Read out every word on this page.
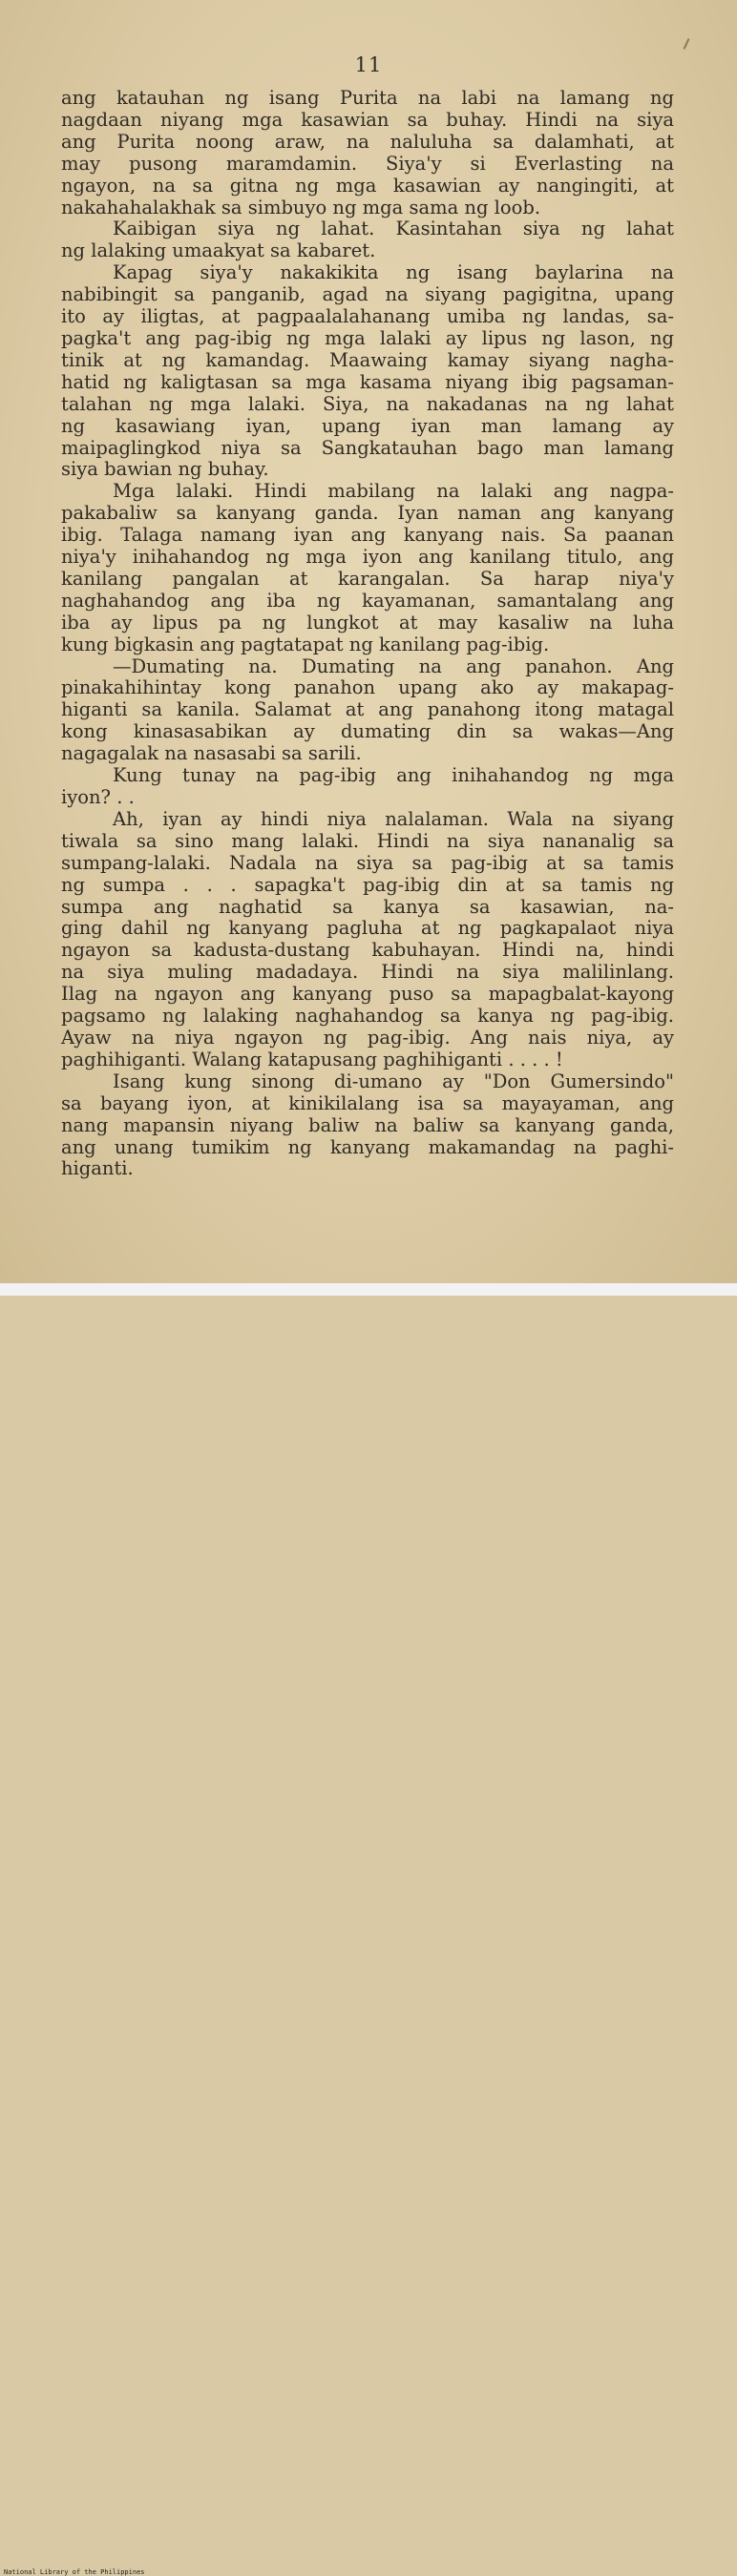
11
ang katauhan ng isang Purita na labi na lamang ng
nagdaan niyang mga kasawian sa buhay. Hindi na siya
ang Purita noong araw, na naluluha sa dalamhati, at
may pusong maramdamin. Siya'y si Everlasting na
ngayon, na sa gitna ng mga kasawian ay nangingiti, at
nakahahalakhak sa simbuyo ng mga sama ng loob.
Kaibigan siya ng lahat. Kasintahan siya ng lahat
ng lalaking umaakyat sa kabaret.
Kapag siya'y nakakikita ng isang baylarina na
nabibingit sa panganib, agad na siyang pagigitna, upang
ito ay iligtas, at pagpaalalahanang umiba ng landas, sa-
pagka't ang pag-ibig ng mga lalaki ay lipus ng lason, ng
tinik at ng kamandag. Maawaing kamay siyang nagha-
hatid ng kaligtasan sa mga kasama niyang ibig pagsaman-
talahan ng mga lalaki. Siya, na nakadanas na ng lahat
ng kasawiang iyan, upang iyan man lamang ay
maipaglingkod niya sa Sangkatauhan bago man lamang
siya bawian ng buhay.
Mga lalaki. Hindi mabilang na lalaki ang nagpa-
pakabaliw sa kanyang ganda. Iyan naman ang kanyang
ibig. Talaga namang iyan ang kanyang nais. Sa paanan
niya'y inihahandog ng mga iyon ang kanilang titulo, ang
kanilang pangalan at karangalan. Sa harap niya'y
naghahandog ang iba ng kayamanan, samantalang ang
iba ay lipus pa ng lungkot at may kasaliw na luha
kung bigkasin ang pagtatapat ng kanilang pag-ibig.
—Dumating na. Dumating na ang panahon. Ang
pinakahihintay kong panahon upang ako ay makapag-
higanti sa kanila. Salamat at ang panahong itong matagal
kong kinasasabikan ay dumating din sa wakas—Ang
nagagalak na nasasabi sa sarili.
Kung tunay na pag-ibig ang inihahandog ng mga
iyon? . .
Ah, iyan ay hindi niya nalalaman. Wala na siyang
tiwala sa sino mang lalaki. Hindi na siya nananalig sa
sumpang-lalaki. Nadala na siya sa pag-ibig at sa tamis
ng sumpa . . . sapagka't pag-ibig din at sa tamis ng
sumpa ang naghatid sa kanya sa kasawian, na-
ging dahil ng kanyang pagluha at ng pagkapalaot niya
ngayon sa kadusta-dustang kabuhayan. Hindi na, hindi
na siya muling madadaya. Hindi na siya malilinlang.
Ilag na ngayon ang kanyang puso sa mapagbalat-kayong
pagsamo ng lalaking naghahandog sa kanya ng pag-ibig.
Ayaw na niya ngayon ng pag-ibig. Ang nais niya, ay
paghihiganti. Walang katapusang paghihiganti . . . . !
Isang kung sinong di-umano ay "Don Gumersindo"
sa bayang iyon, at kinikilalang isa sa mayayaman, ang
nang mapansin niyang baliw na baliw sa kanyang ganda,
ang unang tumikim ng kanyang makamandag na paghi-
higanti.
National Library of the Philippines
